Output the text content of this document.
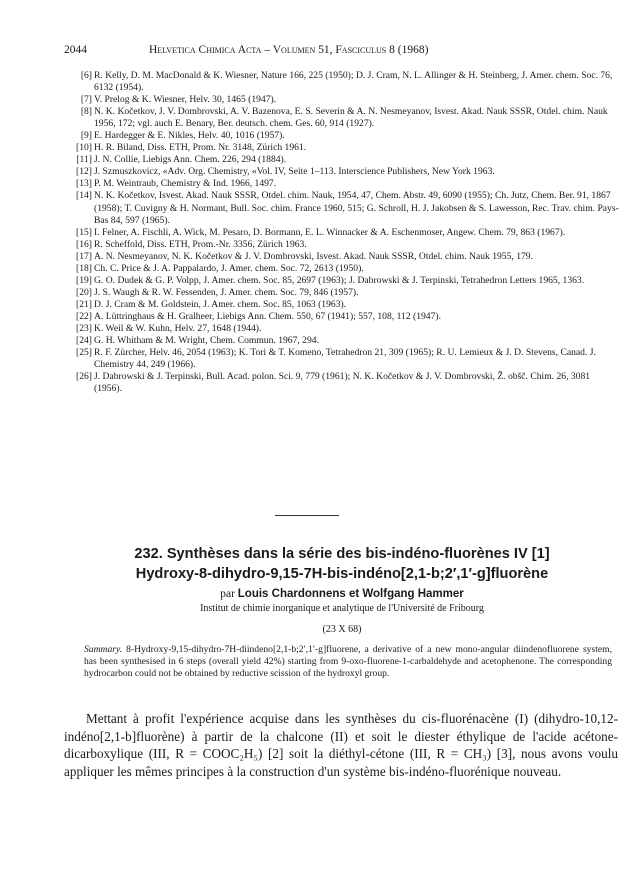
2044	Helvetica Chimica Acta – Volumen 51, Fasciculus 8 (1968)
[6] R. Kelly, D. M. MacDonald & K. Wiesner, Nature 166, 225 (1950); D. J. Cram, N. L. Allinger & H. Steinberg, J. Amer. chem. Soc. 76, 6132 (1954).
[7] V. Prelog & K. Wiesner, Helv. 30, 1465 (1947).
[8] N. K. Kočetkov, J. V. Dombrovski, A. V. Bazenova, E. S. Severin & A. N. Nesmeyanov, Isvest. Akad. Nauk SSSR, Otdel. chim. Nauk 1956, 172; vgl. auch E. Benary, Ber. deutsch. chem. Ges. 60, 914 (1927).
[9] E. Hardegger & E. Nikles, Helv. 40, 1016 (1957).
[10] H. R. Biland, Diss. ETH, Prom. Nr. 3148, Zürich 1961.
[11] J. N. Collie, Liebigs Ann. Chem. 226, 294 (1884).
[12] J. Szmuszkovicz, «Adv. Org. Chemistry, «Vol. IV, Seite 1–113. Interscience Publishers, New York 1963.
[13] P. M. Weintraub, Chemistry & Ind. 1966, 1497.
[14] N. K. Kočetkov, Isvest. Akad. Nauk SSSR, Otdel. chim. Nauk, 1954, 47, Chem. Abstr. 49, 6090 (1955); Ch. Jutz, Chem. Ber. 91, 1867 (1958); T. Cuvigny & H. Normant, Bull. Soc. chim. France 1960, 515; G. Schroll, H. J. Jakobsen & S. Lawesson, Rec. Trav. chim. Pays-Bas 84, 597 (1965).
[15] I. Felner, A. Fischli, A. Wick, M. Pesaro, D. Bormann, E. L. Winnacker & A. Eschenmoser, Angew. Chem. 79, 863 (1967).
[16] R. Scheffold, Diss. ETH, Prom.-Nr. 3356, Zürich 1963.
[17] A. N. Nesmeyanov, N. K. Kočetkov & J. V. Dombrovski, Isvest. Akad. Nauk SSSR, Otdel. chim. Nauk 1955, 179.
[18] Ch. C. Price & J. A. Pappalardo, J. Amer. chem. Soc. 72, 2613 (1950).
[19] G. O. Dudek & G. P. Volpp, J. Amer. chem. Soc. 85, 2697 (1963); J. Dabrowski & J. Terpinski, Tetrahedron Letters 1965, 1363.
[20] J. S. Waugh & R. W. Fessenden, J. Amer. chem. Soc. 79, 846 (1957).
[21] D. J. Cram & M. Goldstein, J. Amer. chem. Soc. 85, 1063 (1963).
[22] A. Lüttringhaus & H. Gralheer, Liebigs Ann. Chem. 550, 67 (1941); 557, 108, 112 (1947).
[23] K. Weil & W. Kuhn, Helv. 27, 1648 (1944).
[24] G. H. Whitham & M. Wright, Chem. Commun. 1967, 294.
[25] R. F. Zürcher, Helv. 46, 2054 (1963); K. Tori & T. Komeno, Tetrahedron 21, 309 (1965); R. U. Lemieux & J. D. Stevens, Canad. J. Chemistry 44, 249 (1966).
[26] J. Dabrowski & J. Terpinski, Bull. Acad. polon. Sci. 9, 779 (1961); N. K. Kočetkov & J. V. Dombrovski, Ž. obšč. Chim. 26, 3081 (1956).
232. Synthèses dans la série des bis-indéno-fluorènes IV [1]
Hydroxy-8-dihydro-9,15-7H-bis-indéno[2,1-b;2′,1′-g]fluorène
par Louis Chardonnens et Wolfgang Hammer
Institut de chimie inorganique et analytique de l'Université de Fribourg
(23 X 68)
Summary. 8-Hydroxy-9,15-dihydro-7H-diindeno[2,1-b;2′,1′-g]fluorene, a derivative of a new mono-angular diindenofluorene system, has been synthesised in 6 steps (overall yield 42%) starting from 9-oxo-fluorene-1-carbaldehyde and acetophenone. The corresponding hydrocarbon could not be obtained by reductive scission of the hydroxyl group.
Mettant à profit l'expérience acquise dans les synthèses du cis-fluorénacène (I) (dihydro-10,12-indéno[2,1-b]fluorène) à partir de la chalcone (II) et soit le diester éthylique de l'acide acétone-dicarboxylique (III, R = COOC₂H₅) [2] soit la diéthyl-cétone (III, R = CH₃) [3], nous avons voulu appliquer les mêmes principes à la construction d'un système bis-indéno-fluorénique nouveau.
